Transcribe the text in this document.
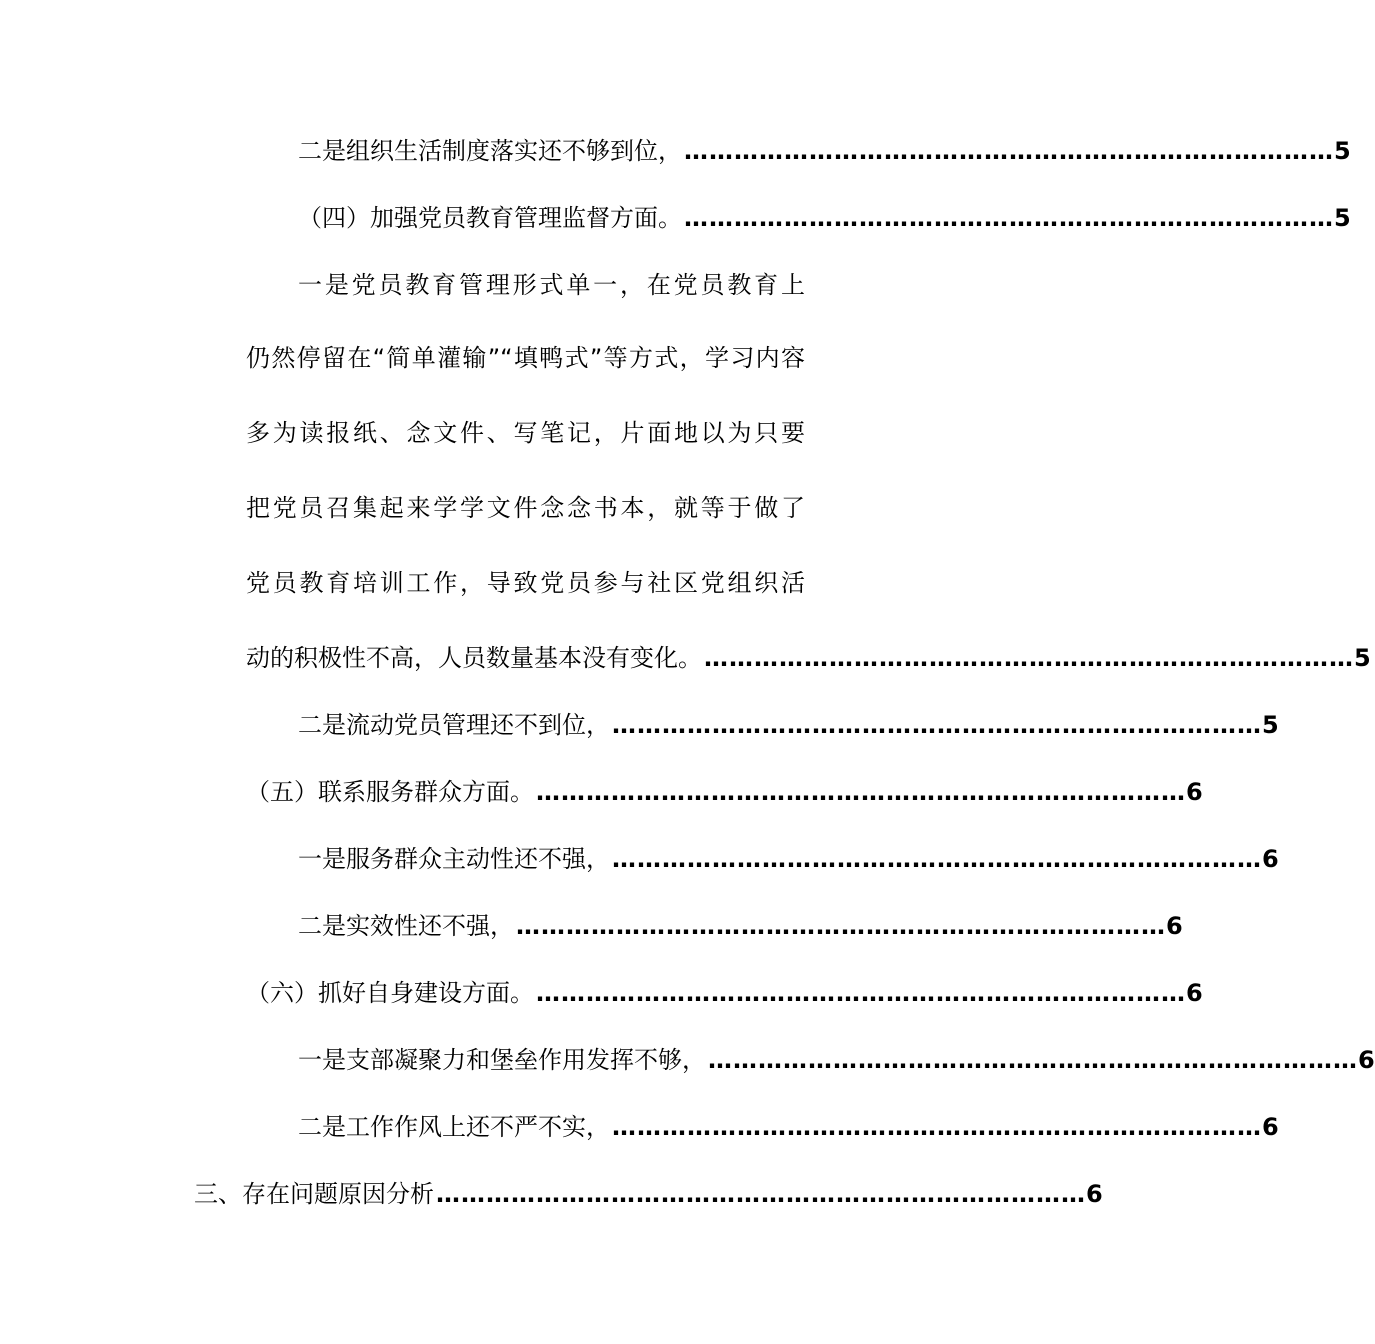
二是组织生活制度落实还不够到位， …………………………………………………………………… 5
（四）加强党员教育管理监督方面。 …………………………………………………………………… 5
一是党员教育管理形式单一，在党员教育上
仍然停留在“简单灌输”“填鸭式”等方式，学习内容
多为读报纸、念文件、写笔记，片面地以为只要
把党员召集起来学学文件念念书本，就等于做了
党员教育培训工作，导致党员参与社区党组织活
动的积极性不高，人员数量基本没有变化。 …………………………………………………………………… 5
二是流动党员管理还不到位， …………………………………………………………………… 5
（五）联系服务群众方面。 …………………………………………………………………… 6
一是服务群众主动性还不强， …………………………………………………………………… 6
二是实效性还不强， …………………………………………………………………… 6
（六）抓好自身建设方面。 …………………………………………………………………… 6
一是支部凝聚力和堡垒作用发挥不够， …………………………………………………………………… 6
二是工作作风上还不严不实， …………………………………………………………………… 6
三、存在问题原因分析 …………………………………………………………………… 6
